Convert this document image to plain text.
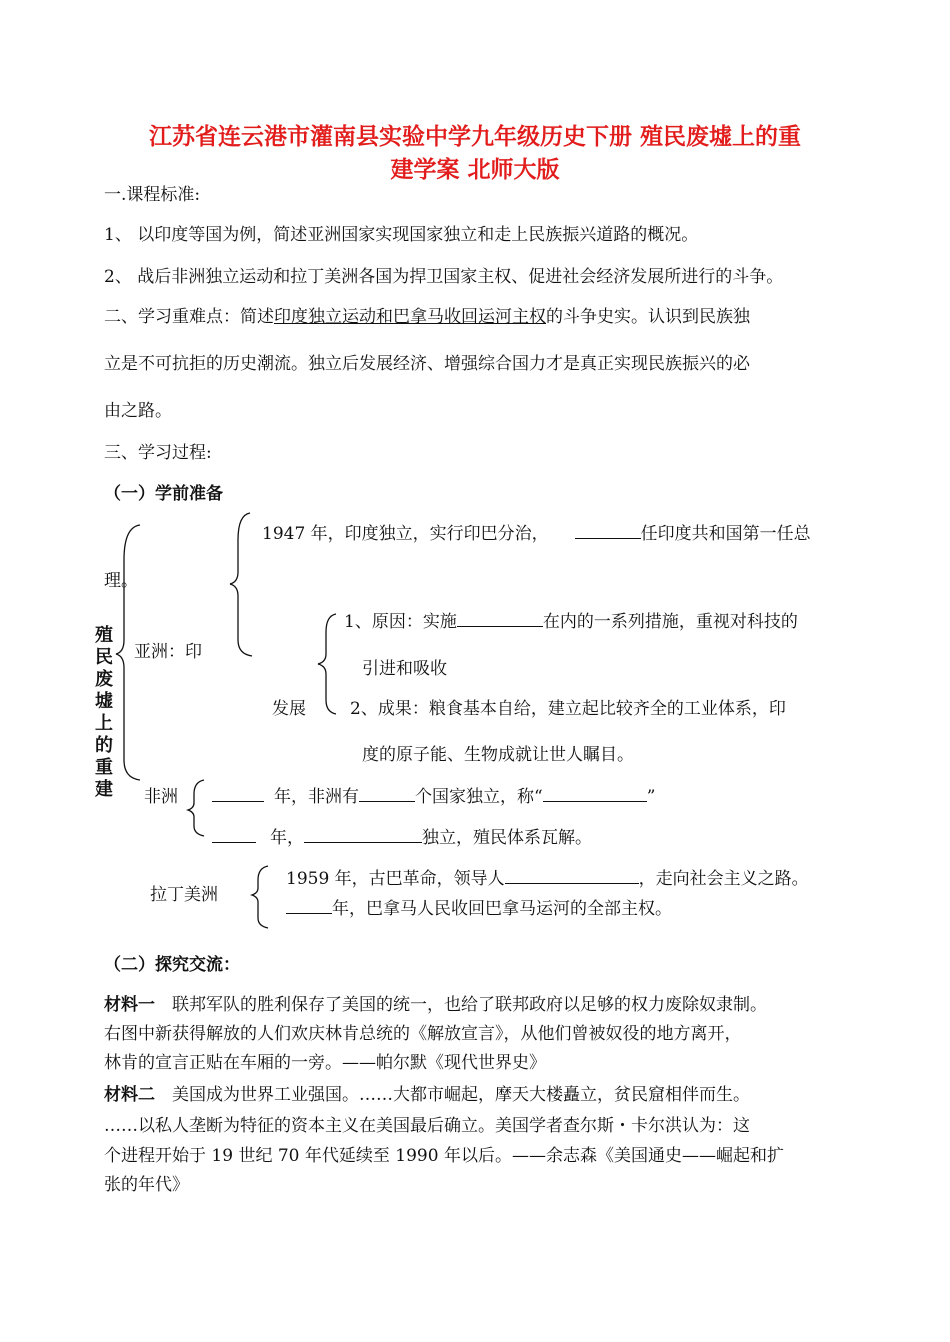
江苏省连云港市灌南县实验中学九年级历史下册 殖民废墟上的重
建学案 北师大版
一.课程标准:
1、 以印度等国为例，简述亚洲国家实现国家独立和走上民族振兴道路的概况。
2、 战后非洲独立运动和拉丁美洲各国为捍卫国家主权、促进社会经济发展所进行的斗争。
二、学习重难点：简述印度独立运动和巴拿马收回运河主权的斗争史实。认识到民族独
立是不可抗拒的历史潮流。独立后发展经济、增强综合国力才是真正实现民族振兴的必
由之路。
三、学习过程:
（一）学前准备
殖民废墟上的重建
1947 年，印度独立，实行印巴分治，	任印度共和国第一任总
理。
亚洲：印
1、原因：实施	在内的一系列措施，重视对科技的
引进和吸收
发展	2、成果：粮食基本自给，建立起比较齐全的工业体系，印
度的原子能、生物成就让世人瞩目。
非洲	年，非洲有	个国家独立，称“	”
年，	独立，殖民体系瓦解。
拉丁美洲
1959 年，古巴革命，领导人	，走向社会主义之路。
年，巴拿马人民收回巴拿马运河的全部主权。
（二）探究交流：
材料一　联邦军队的胜利保存了美国的统一，也给了联邦政府以足够的权力废除奴隶制。
右图中新获得解放的人们欢庆林肯总统的《解放宣言》，从他们曾被奴役的地方离开，
林肯的宣言正贴在车厢的一旁。——帕尔默《现代世界史》
材料二　美国成为世界工业强国。……大都市崛起，摩天大楼矗立，贫民窟相伴而生。
……以私人垄断为特征的资本主义在美国最后确立。美国学者查尔斯・卡尔洪认为：这
个进程开始于 19 世纪 70 年代延续至 1990 年以后。——余志森《美国通史——崛起和扩
张的年代》
